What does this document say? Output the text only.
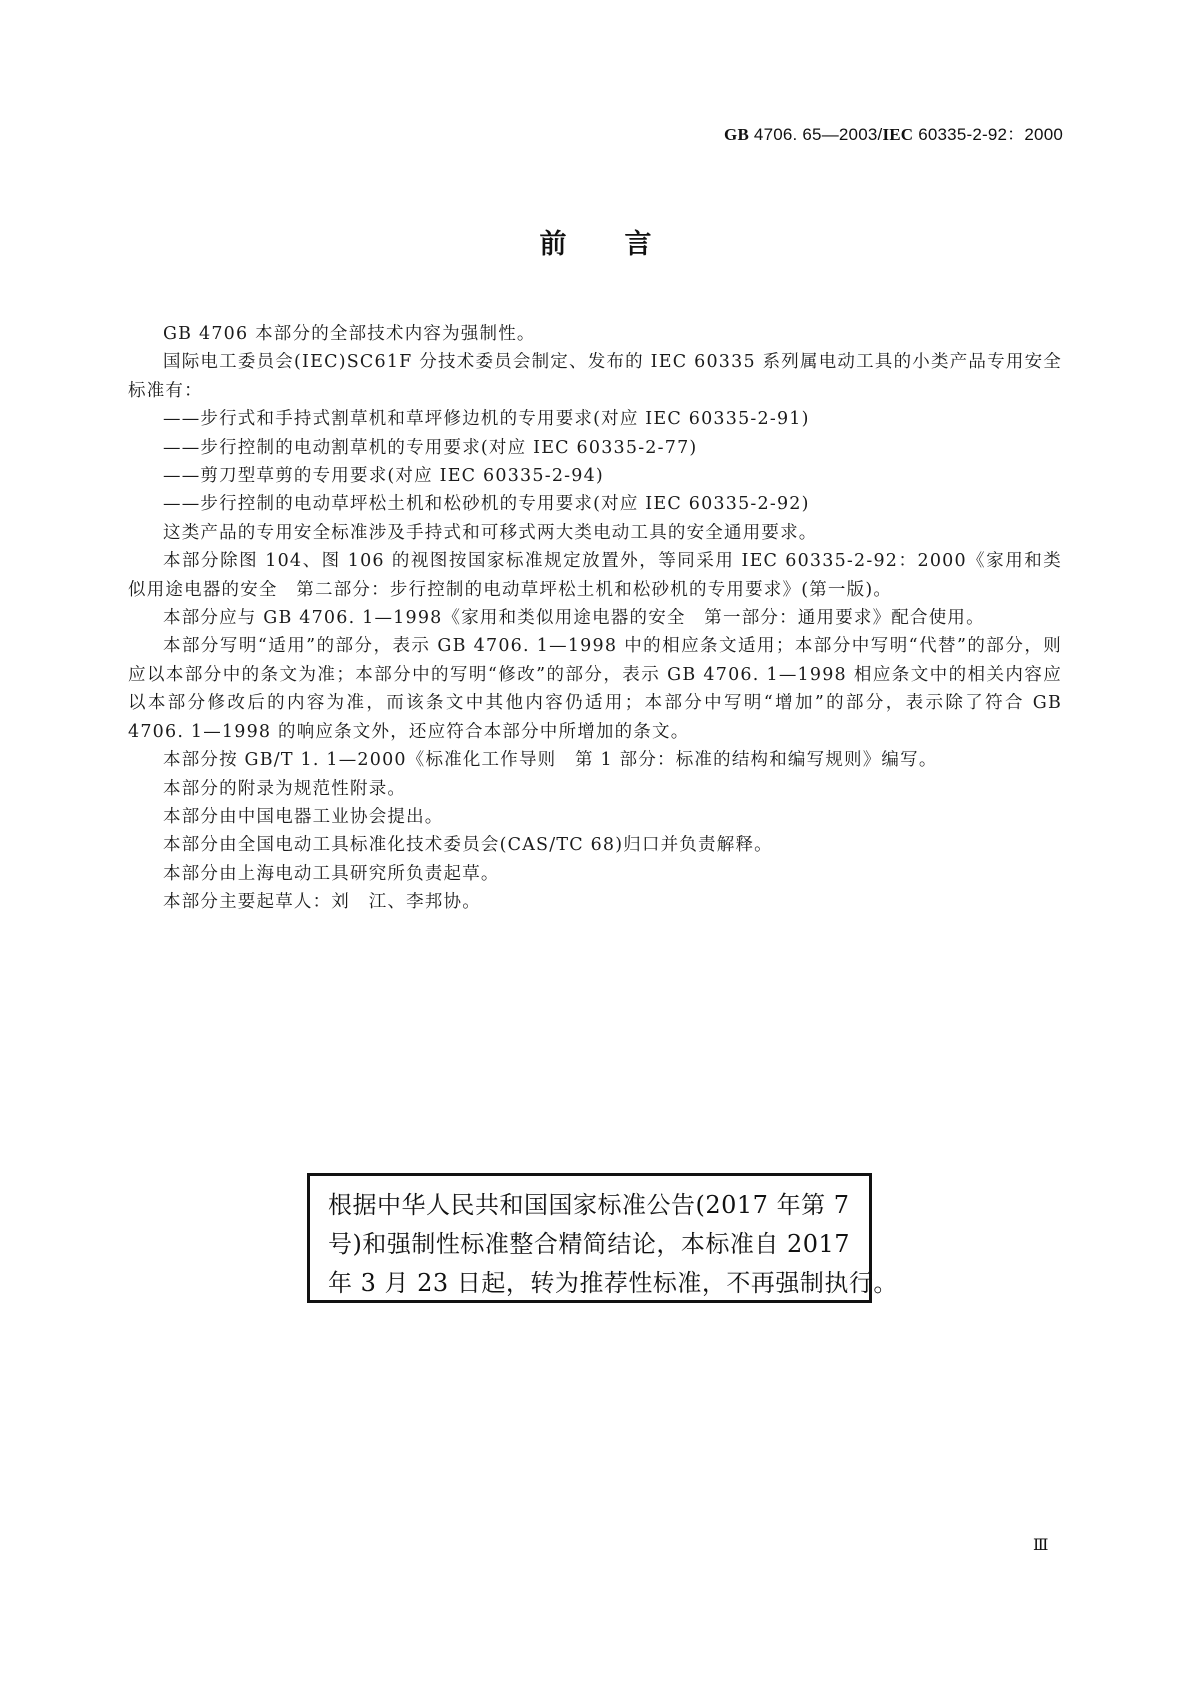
GB 4706. 65—2003/IEC 60335-2-92：2000
前言

GB 4706 本部分的全部技术内容为强制性。

国际电工委员会(IEC)SC61F 分技术委员会制定、发布的 IEC 60335 系列属电动工具的小类产品专用安全标准有：

——步行式和手持式割草机和草坪修边机的专用要求(对应 IEC 60335-2-91)

——步行控制的电动割草机的专用要求(对应 IEC 60335-2-77)

——剪刀型草剪的专用要求(对应 IEC 60335-2-94)

——步行控制的电动草坪松土机和松砂机的专用要求(对应 IEC 60335-2-92)

这类产品的专用安全标准涉及手持式和可移式两大类电动工具的安全通用要求。

本部分除图 104、图 106 的视图按国家标准规定放置外，等同采用 IEC 60335-2-92：2000《家用和类似用途电器的安全　第二部分：步行控制的电动草坪松土机和松砂机的专用要求》(第一版)。

本部分应与 GB 4706. 1—1998《家用和类似用途电器的安全　第一部分：通用要求》配合使用。

本部分写明“适用”的部分，表示 GB 4706. 1—1998 中的相应条文适用；本部分中写明“代替”的部分，则应以本部分中的条文为准；本部分中的写明“修改”的部分，表示 GB 4706. 1—1998 相应条文中的相关内容应以本部分修改后的内容为准，而该条文中其他内容仍适用；本部分中写明“增加”的部分，表示除了符合 GB 4706. 1—1998 的响应条文外，还应符合本部分中所增加的条文。

本部分按 GB/T 1. 1—2000《标准化工作导则　第 1 部分：标准的结构和编写规则》编写。

本部分的附录为规范性附录。

本部分由中国电器工业协会提出。

本部分由全国电动工具标准化技术委员会(CAS/TC 68)归口并负责解释。

本部分由上海电动工具研究所负责起草。

本部分主要起草人：刘　江、李邦协。

根据中华人民共和国国家标准公告(2017 年第 7
号)和强制性标准整合精简结论，本标准自 2017
年 3 月 23 日起，转为推荐性标准，不再强制执行。
Ⅲ
